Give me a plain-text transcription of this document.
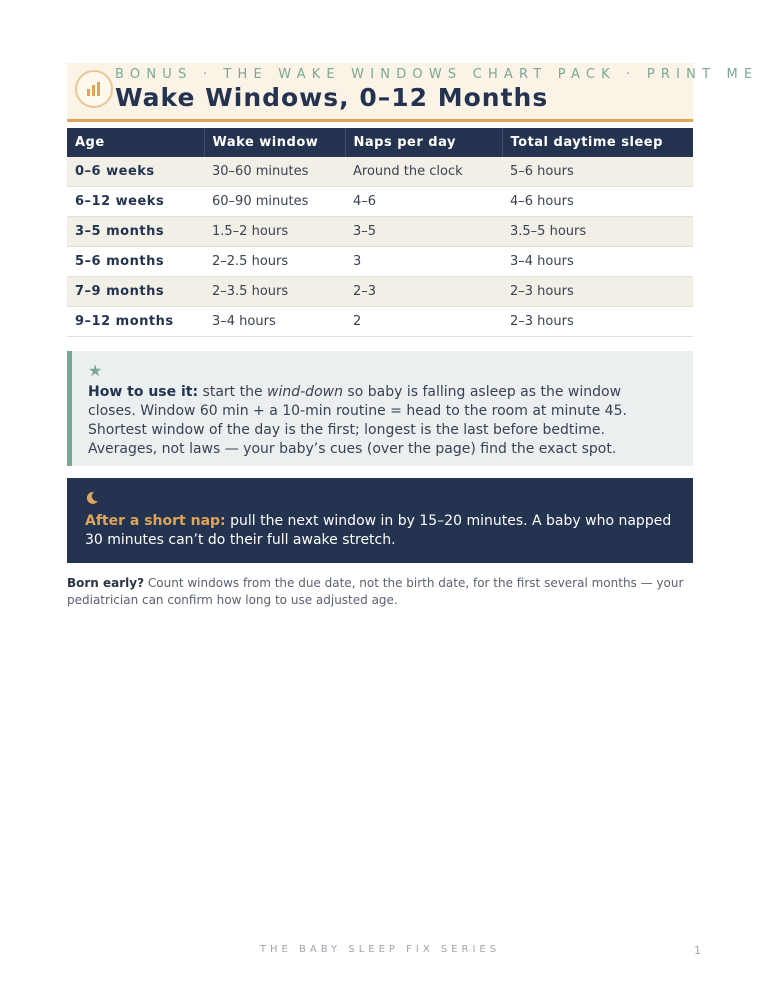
BONUS · THE WAKE WINDOWS CHART PACK · PRINT ME
Wake Windows, 0–12 Months
Age	Wake window	Naps per day	Total daytime sleep
0–6 weeks	30–60 minutes	Around the clock	5–6 hours
6–12 weeks	60–90 minutes	4–6	4–6 hours
3–5 months	1.5–2 hours	3–5	3.5–5 hours
5–6 months	2–2.5 hours	3	3–4 hours
7–9 months	2–3.5 hours	2–3	2–3 hours
9–12 months	3–4 hours	2	2–3 hours
★

How to use it: start the wind-down so baby is falling asleep as the window closes. Window 60 min + a 10-min routine = head to the room at minute 45. Shortest window of the day is the first; longest is the last before bedtime. Averages, not laws — your baby’s cues (over the page) find the exact spot.

After a short nap: pull the next window in by 15–20 minutes. A baby who napped 30 minutes can’t do their full awake stretch.

Born early? Count windows from the due date, not the birth date, for the first several months — your pediatrician can confirm how long to use adjusted age.
THE BABY SLEEP FIX SERIES	1
